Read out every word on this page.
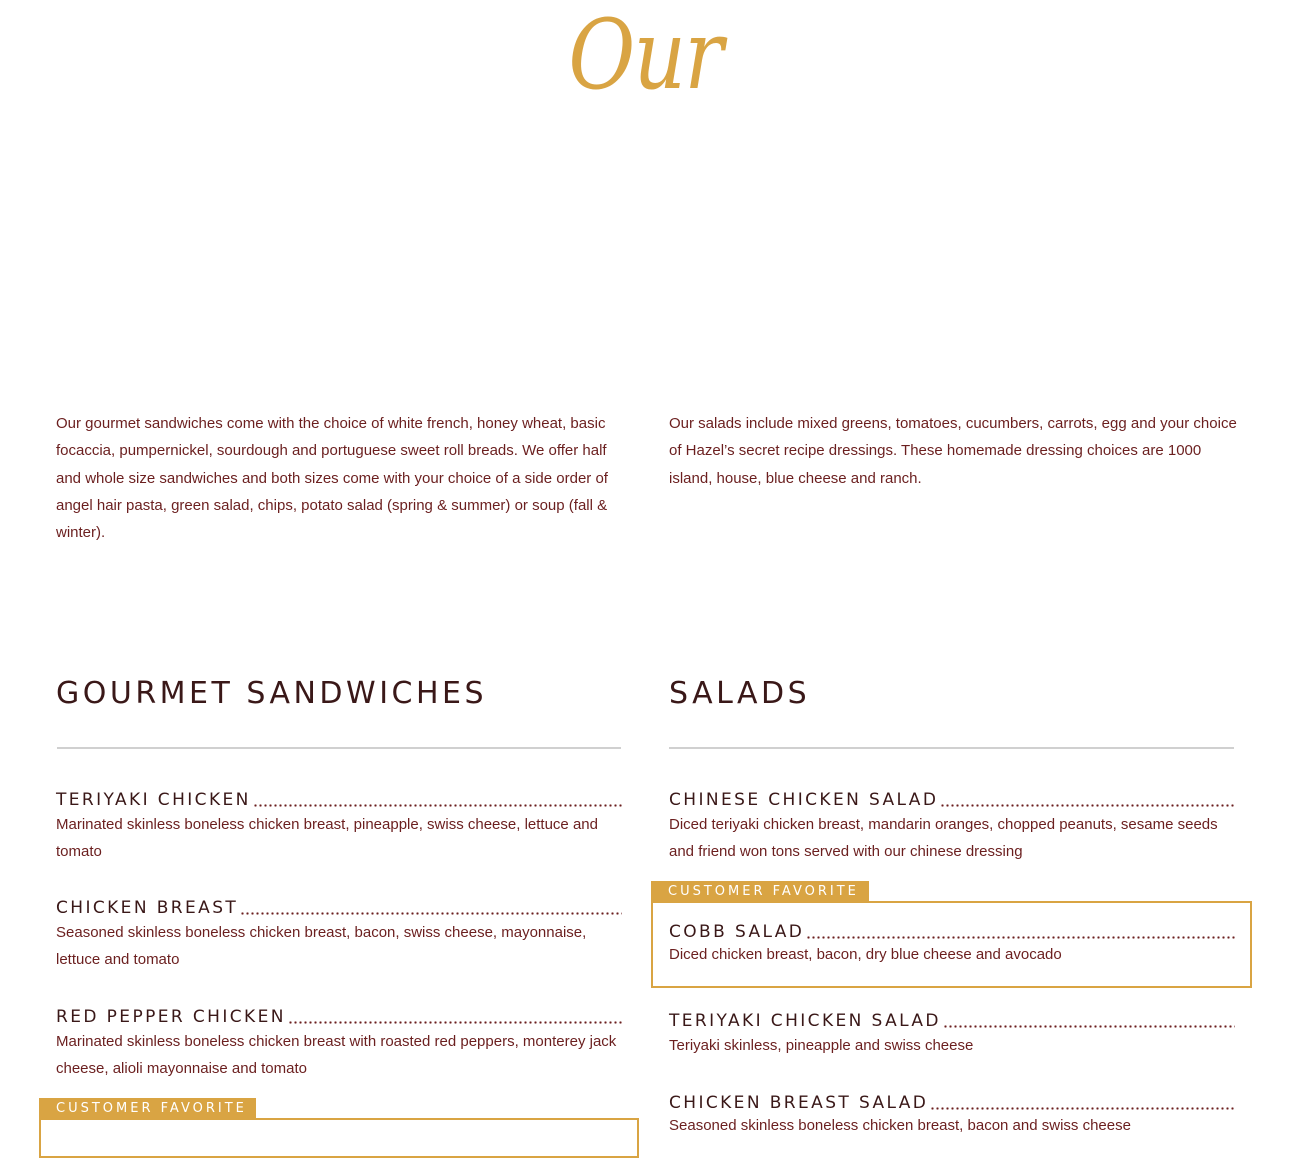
Our

Our gourmet sandwiches come with the choice of white french, honey wheat, basic focaccia, pumpernickel, sourdough and portuguese sweet roll breads. We offer half and whole size sandwiches and both sizes come with your choice of a side order of angel hair pasta, green salad, chips, potato salad (spring & summer) or soup (fall & winter).

GOURMET SANDWICHES
TERIYAKI CHICKEN

Marinated skinless boneless chicken breast, pineapple, swiss cheese, lettuce and tomato

CHICKEN BREAST

Seasoned skinless boneless chicken breast, bacon, swiss cheese, mayonnaise, lettuce and tomato

RED PEPPER CHICKEN

Marinated skinless boneless chicken breast with roasted red peppers, monterey jack cheese, alioli mayonnaise and tomato

CUSTOMER FAVORITE

Our salads include mixed greens, tomatoes, cucumbers, carrots, egg and your choice of Hazel’s secret recipe dressings. These homemade dressing choices are 1000 island, house, blue cheese and ranch.

SALADS
CHINESE CHICKEN SALAD

Diced teriyaki chicken breast, mandarin oranges, chopped peanuts, sesame seeds and friend won tons served with our chinese dressing

CUSTOMER FAVORITE
COBB SALAD

Diced chicken breast, bacon, dry blue cheese and avocado

TERIYAKI CHICKEN SALAD

Teriyaki skinless, pineapple and swiss cheese

CHICKEN BREAST SALAD

Seasoned skinless boneless chicken breast, bacon and swiss cheese
